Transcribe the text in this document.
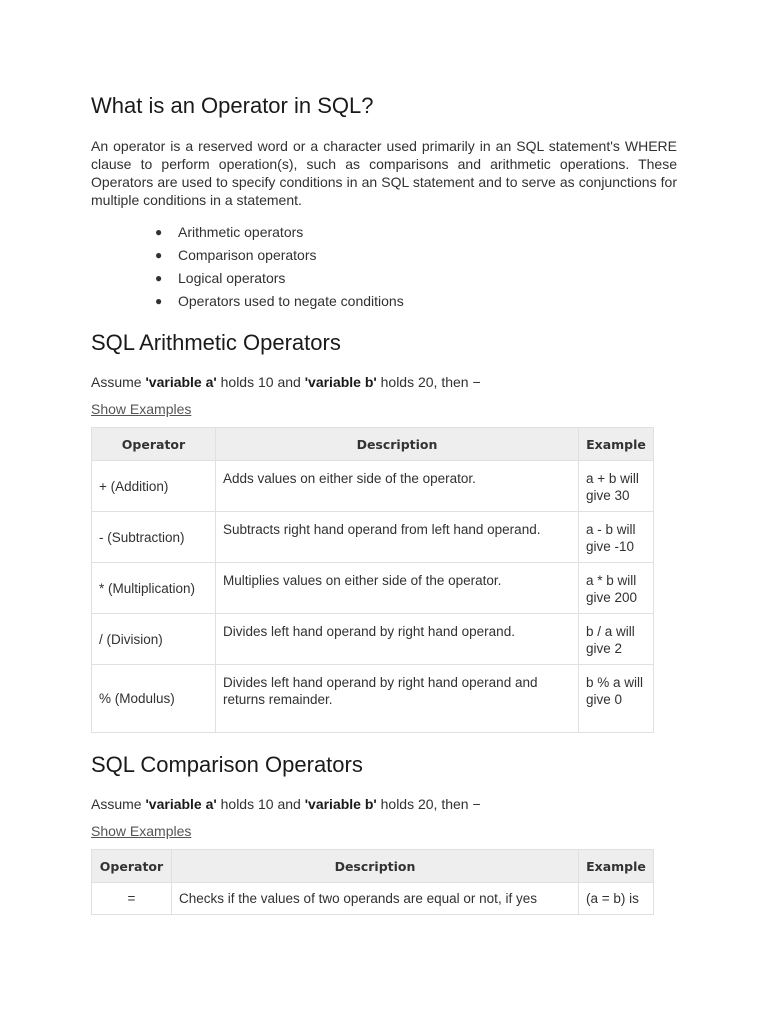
What is an Operator in SQL?

An operator is a reserved word or a character used primarily in an SQL statement's WHERE clause to perform operation(s), such as comparisons and arithmetic operations. These Operators are used to specify conditions in an SQL statement and to serve as conjunctions for multiple conditions in a statement.

● Arithmetic operators
● Comparison operators
● Logical operators
● Operators used to negate conditions
SQL Arithmetic Operators
Assume 'variable a' holds 10 and 'variable b' holds 20, then −
Show Examples
Operator	Description	Example
+ (Addition)	Adds values on either side of the operator.	a + b will give 30
- (Subtraction)	Subtracts right hand operand from left hand operand.	a - b will give -10
* (Multiplication)	Multiplies values on either side of the operator.	a * b will give 200
/ (Division)	Divides left hand operand by right hand operand.	b / a will give 2
% (Modulus)	Divides left hand operand by right hand operand and returns remainder.	b % a will give 0
SQL Comparison Operators
Assume 'variable a' holds 10 and 'variable b' holds 20, then −
Show Examples
Operator	Description	Example
=	Checks if the values of two operands are equal or not, if yes	(a = b) is
